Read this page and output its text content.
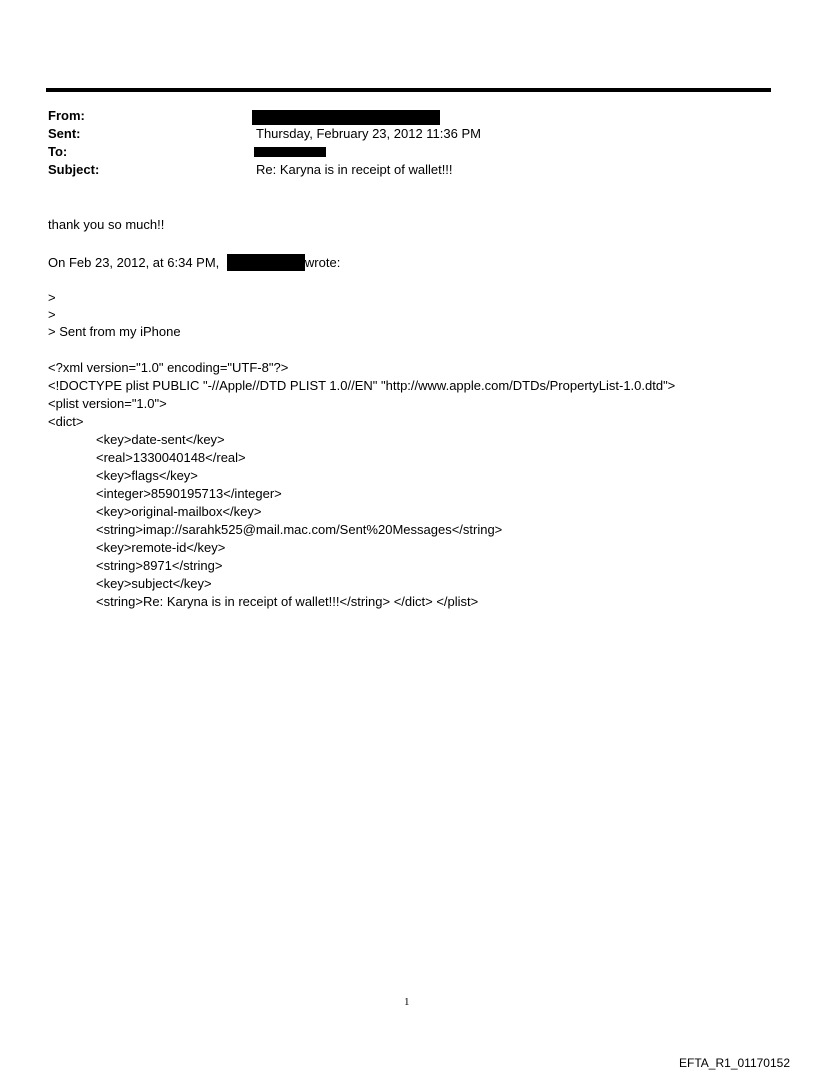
From:
Sent:	Thursday, February 23, 2012 11:36 PM
To:
Subject:	Re: Karyna is in receipt of wallet!!!
thank you so much!!
On Feb 23, 2012, at 6:34 PM,	wrote:
>
>
> Sent from my iPhone
<?xml version="1.0" encoding="UTF-8"?>
<!DOCTYPE plist PUBLIC "-//Apple//DTD PLIST 1.0//EN" "http://www.apple.com/DTDs/PropertyList-1.0.dtd">
<plist version="1.0">
<dict>
<key>date-sent</key>
<real>1330040148</real>
<key>flags</key>
<integer>8590195713</integer>
<key>original-mailbox</key>
<string>imap://sarahk525@mail.mac.com/Sent%20Messages</string>
<key>remote-id</key>
<string>8971</string>
<key>subject</key>
<string>Re: Karyna is in receipt of wallet!!!</string> </dict> </plist>
1
EFTA_R1_01170152
